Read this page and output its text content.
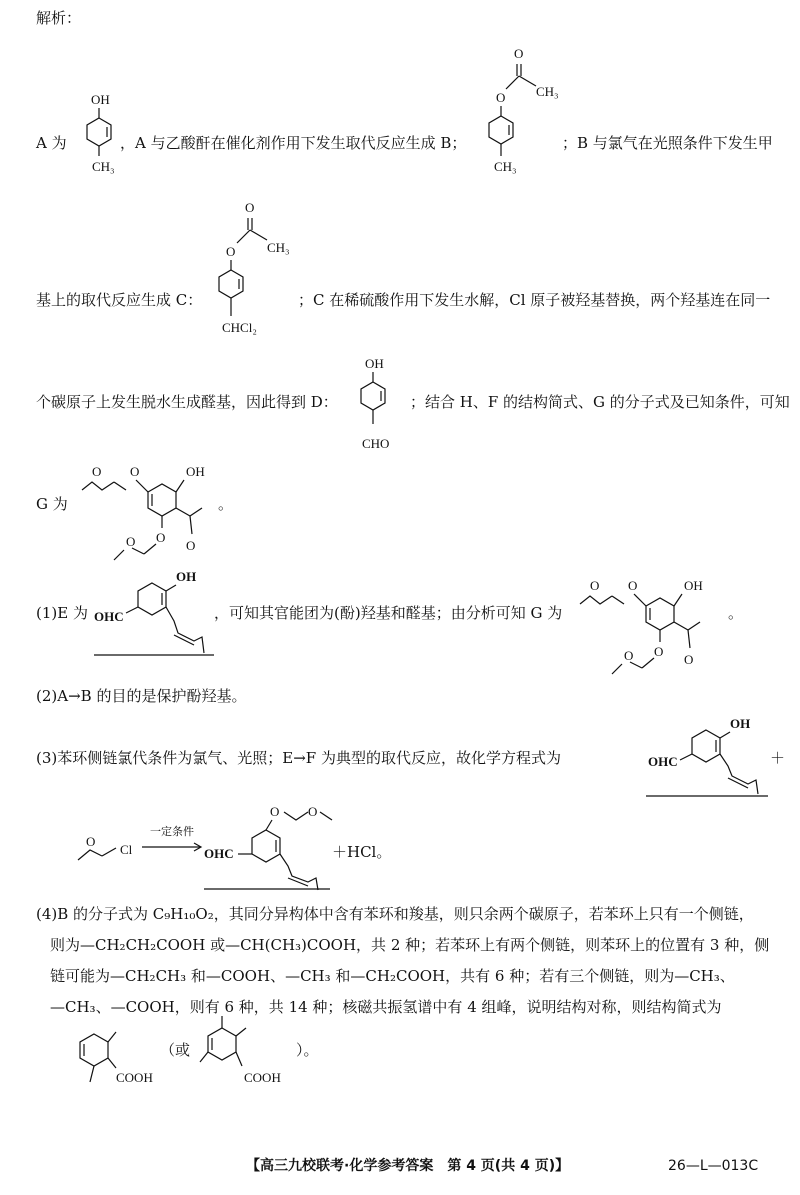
解析：
A 为
OH
CH₃
，A 与乙酸酐在催化剂作用下发生取代反应生成 B；
O
CH₃
O
CH₃
；B 与氯气在光照条件下发生甲
基上的取代反应生成 C：
O
CH₃
O
CHCl₂
；C 在稀硫酸作用下发生水解，Cl 原子被羟基替换，两个羟基连在同一
个碳原子上发生脱水生成醛基，因此得到 D：
OH
CHO
；结合 H、F 的结构简式、G 的分子式及已知条件，可知
G 为
O O	OH
O
O
O
。
(1)E 为
OH
OHC	，可知其官能团为(酚)羟基和醛基；由分析可知 G 为
O O	OH
O
O
O
。
(2)A→B 的目的是保护酚羟基。
(3)苯环侧链氯代条件为氯气、光照；E→F 为典型的取代反应，故化学方程式为
OH
OHC	＋
O
Cl
一定条件
O O
OHC	＋HCl。
(4)B 的分子式为 C₉H₁₀O₂，其同分异构体中含有苯环和羧基，则只余两个碳原子，若苯环上只有一个侧链，
则为—CH₂CH₂COOH 或—CH(CH₃)COOH，共 2 种；若苯环上有两个侧链，则苯环上的位置有 3 种，侧
链可能为—CH₂CH₃ 和—COOH、—CH₃ 和—CH₂COOH，共有 6 种；若有三个侧链，则为—CH₃、
—CH₃、—COOH，则有 6 种，共 14 种；核磁共振氢谱中有 4 组峰，说明结构对称，则结构简式为
COOH
（或
COOH
）。
【高三九校联考·化学参考答案　第 4 页(共 4 页)】	26—L—013C
